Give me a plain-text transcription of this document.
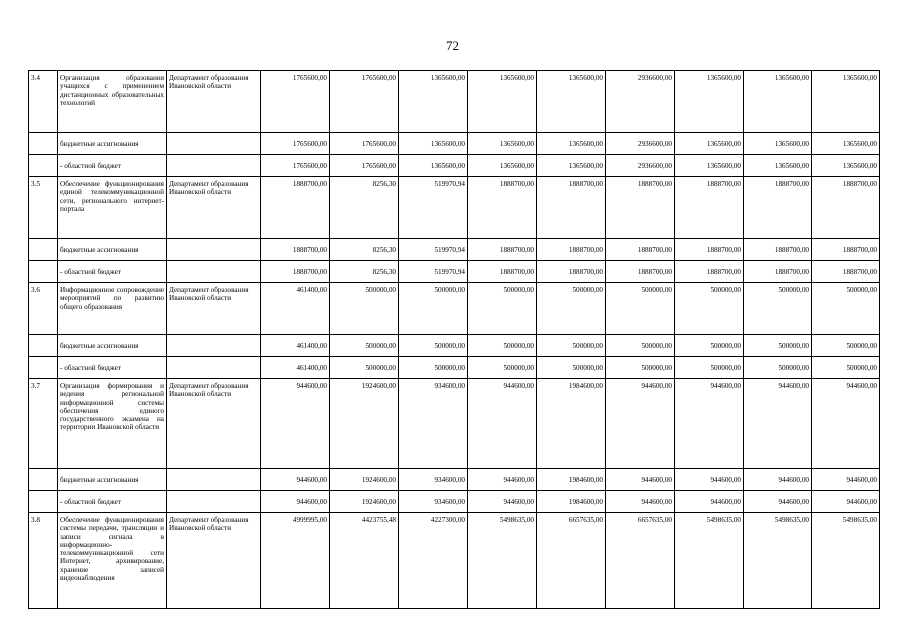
72
3.4	Организация образования учащихся с применением дистанционных образовательных технологий	Департамент образования Ивановской области	1765600,00	1765600,00	1365600,00	1365600,00	1365600,00	2936600,00	1365600,00	1365600,00	1365600,00
	бюджетные ассигнования		1765600,00	1765600,00	1365600,00	1365600,00	1365600,00	2936600,00	1365600,00	1365600,00	1365600,00
	- областной бюджет		1765600,00	1765600,00	1365600,00	1365600,00	1365600,00	2936600,00	1365600,00	1365600,00	1365600,00
3.5	Обеспечение функционирования единой телекоммуникационной сети, регионального интернет-портала	Департамент образования Ивановской области	1888700,00	8256,30	519970,94	1888700,00	1888700,00	1888700,00	1888700,00	1888700,00	1888700,00
	бюджетные ассигнования		1888700,00	8256,30	519970,94	1888700,00	1888700,00	1888700,00	1888700,00	1888700,00	1888700,00
	- областной бюджет		1888700,00	8256,30	519970,94	1888700,00	1888700,00	1888700,00	1888700,00	1888700,00	1888700,00
3.6	Информационное сопровождение мероприятий по развитию общего образования	Департамент образования Ивановской области	461400,00	500000,00	500000,00	500000,00	500000,00	500000,00	500000,00	500000,00	500000,00
	бюджетные ассигнования		461400,00	500000,00	500000,00	500000,00	500000,00	500000,00	500000,00	500000,00	500000,00
	- областной бюджет		461400,00	500000,00	500000,00	500000,00	500000,00	500000,00	500000,00	500000,00	500000,00
3.7	Организация формирования и ведения региональной информационной системы обеспечения единого государственного экзамена на территории Ивановской области	Департамент образования Ивановской области	944600,00	1924600,00	934600,00	944600,00	1984600,00	944600,00	944600,00	944600,00	944600,00
	бюджетные ассигнования		944600,00	1924600,00	934600,00	944600,00	1984600,00	944600,00	944600,00	944600,00	944600,00
	- областной бюджет		944600,00	1924600,00	934600,00	944600,00	1984600,00	944600,00	944600,00	944600,00	944600,00
3.8	Обеспечение функционирования системы передачи, трансляции и записи сигнала в информационно-телекоммуникационной сети Интернет, архивирование, хранение записей видеонаблюдения	Департамент образования Ивановской области	4999995,00	4423755,48	4227300,00	5498635,00	6657635,00	6657635,00	5498635,00	5498635,00	5498635,00
